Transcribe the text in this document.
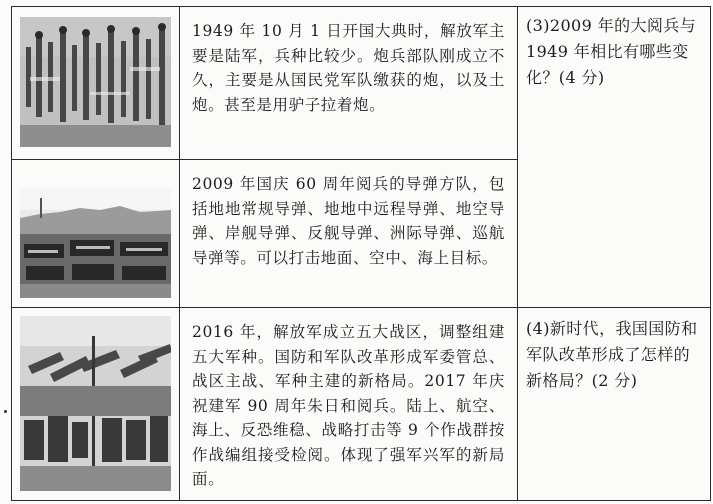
	1949 年 10 月 1 日开国大典时，解放军主要是陆军，兵种比较少。炮兵部队刚成立不久，主要是从国民党军队缴获的炮，以及土炮。甚至是用驴子拉着炮。	(3)2009 年的大阅兵与 1949 年相比有哪些变化？(4 分)

	2009 年国庆 60 周年阅兵的导弹方队，包括地地常规导弹、地地中远程导弹、地空导弹、岸舰导弹、反舰导弹、洲际导弹、巡航导弹等。可以打击地面、空中、海上目标。	

	2016 年，解放军成立五大战区，调整组建五大军种。国防和军队改革形成军委管总、战区主战、军种主建的新格局。2017 年庆祝建军 90 周年朱日和阅兵。陆上、航空、海上、反恐维稳、战略打击等 9 个作战群按作战编组接受检阅。体现了强军兴军的新局面。	(4)新时代，我国国防和军队改革形成了怎样的新格局？(2 分)
